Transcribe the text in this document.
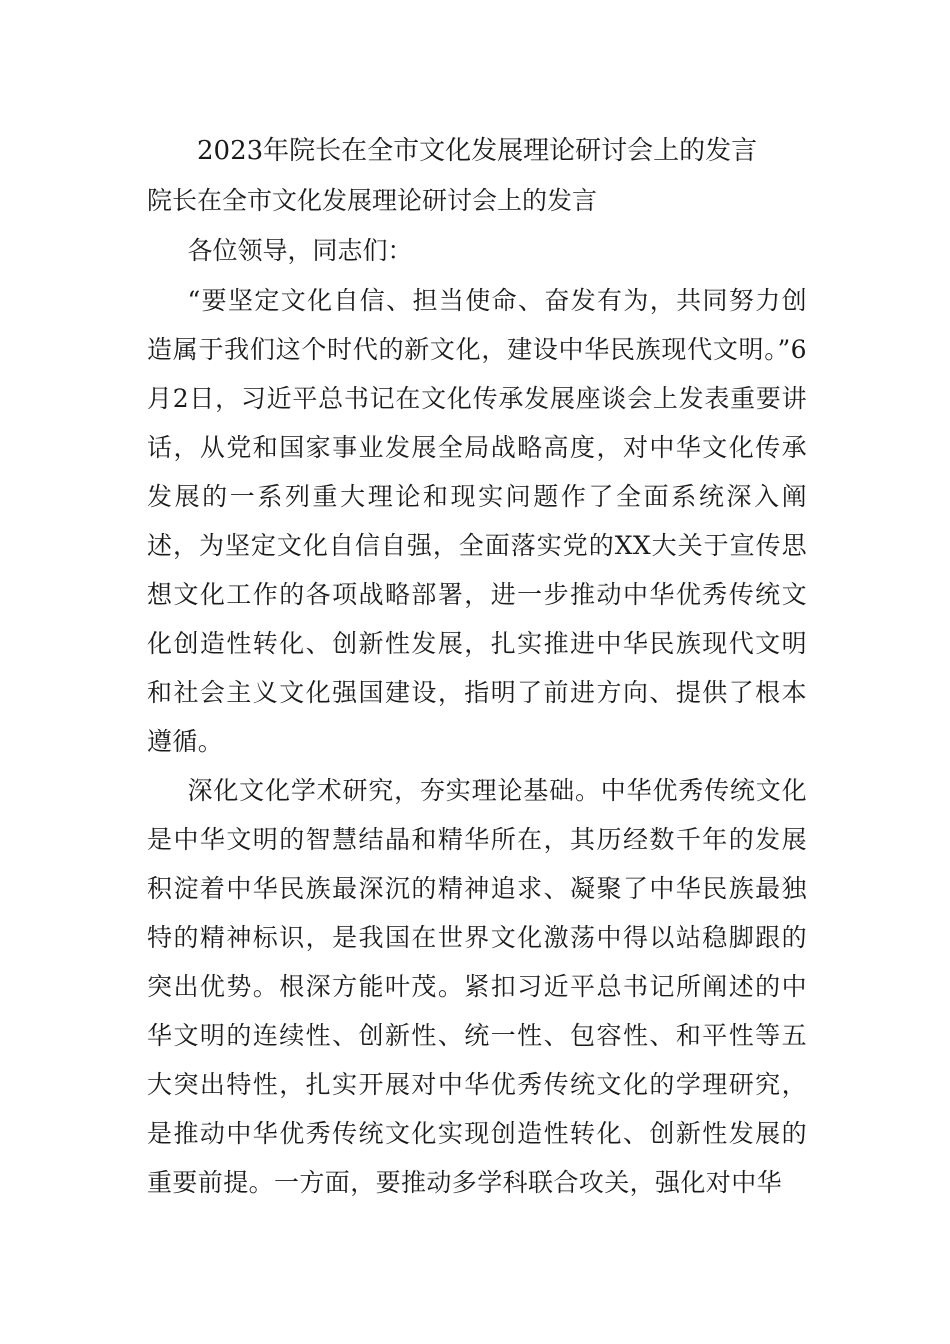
2023年院长在全市文化发展理论研讨会上的发言

院长在全市文化发展理论研讨会上的发言

各位领导，同志们：

“要坚定文化自信、担当使命、奋发有为，共同努力创造属于我们这个时代的新文化，建设中华民族现代文明。”6月2日，习近平总书记在文化传承发展座谈会上发表重要讲话，从党和国家事业发展全局战略高度，对中华文化传承发展的一系列重大理论和现实问题作了全面系统深入阐述，为坚定文化自信自强，全面落实党的XX大关于宣传思想文化工作的各项战略部署，进一步推动中华优秀传统文化创造性转化、创新性发展，扎实推进中华民族现代文明和社会主义文化强国建设，指明了前进方向、提供了根本遵循。

深化文化学术研究，夯实理论基础。中华优秀传统文化是中华文明的智慧结晶和精华所在，其历经数千年的发展积淀着中华民族最深沉的精神追求、凝聚了中华民族最独特的精神标识，是我国在世界文化激荡中得以站稳脚跟的突出优势。根深方能叶茂。紧扣习近平总书记所阐述的中华文明的连续性、创新性、统一性、包容性、和平性等五大突出特性，扎实开展对中华优秀传统文化的学理研究，是推动中华优秀传统文化实现创造性转化、创新性发展的重要前提。一方面，要推动多学科联合攻关，强化对中华
